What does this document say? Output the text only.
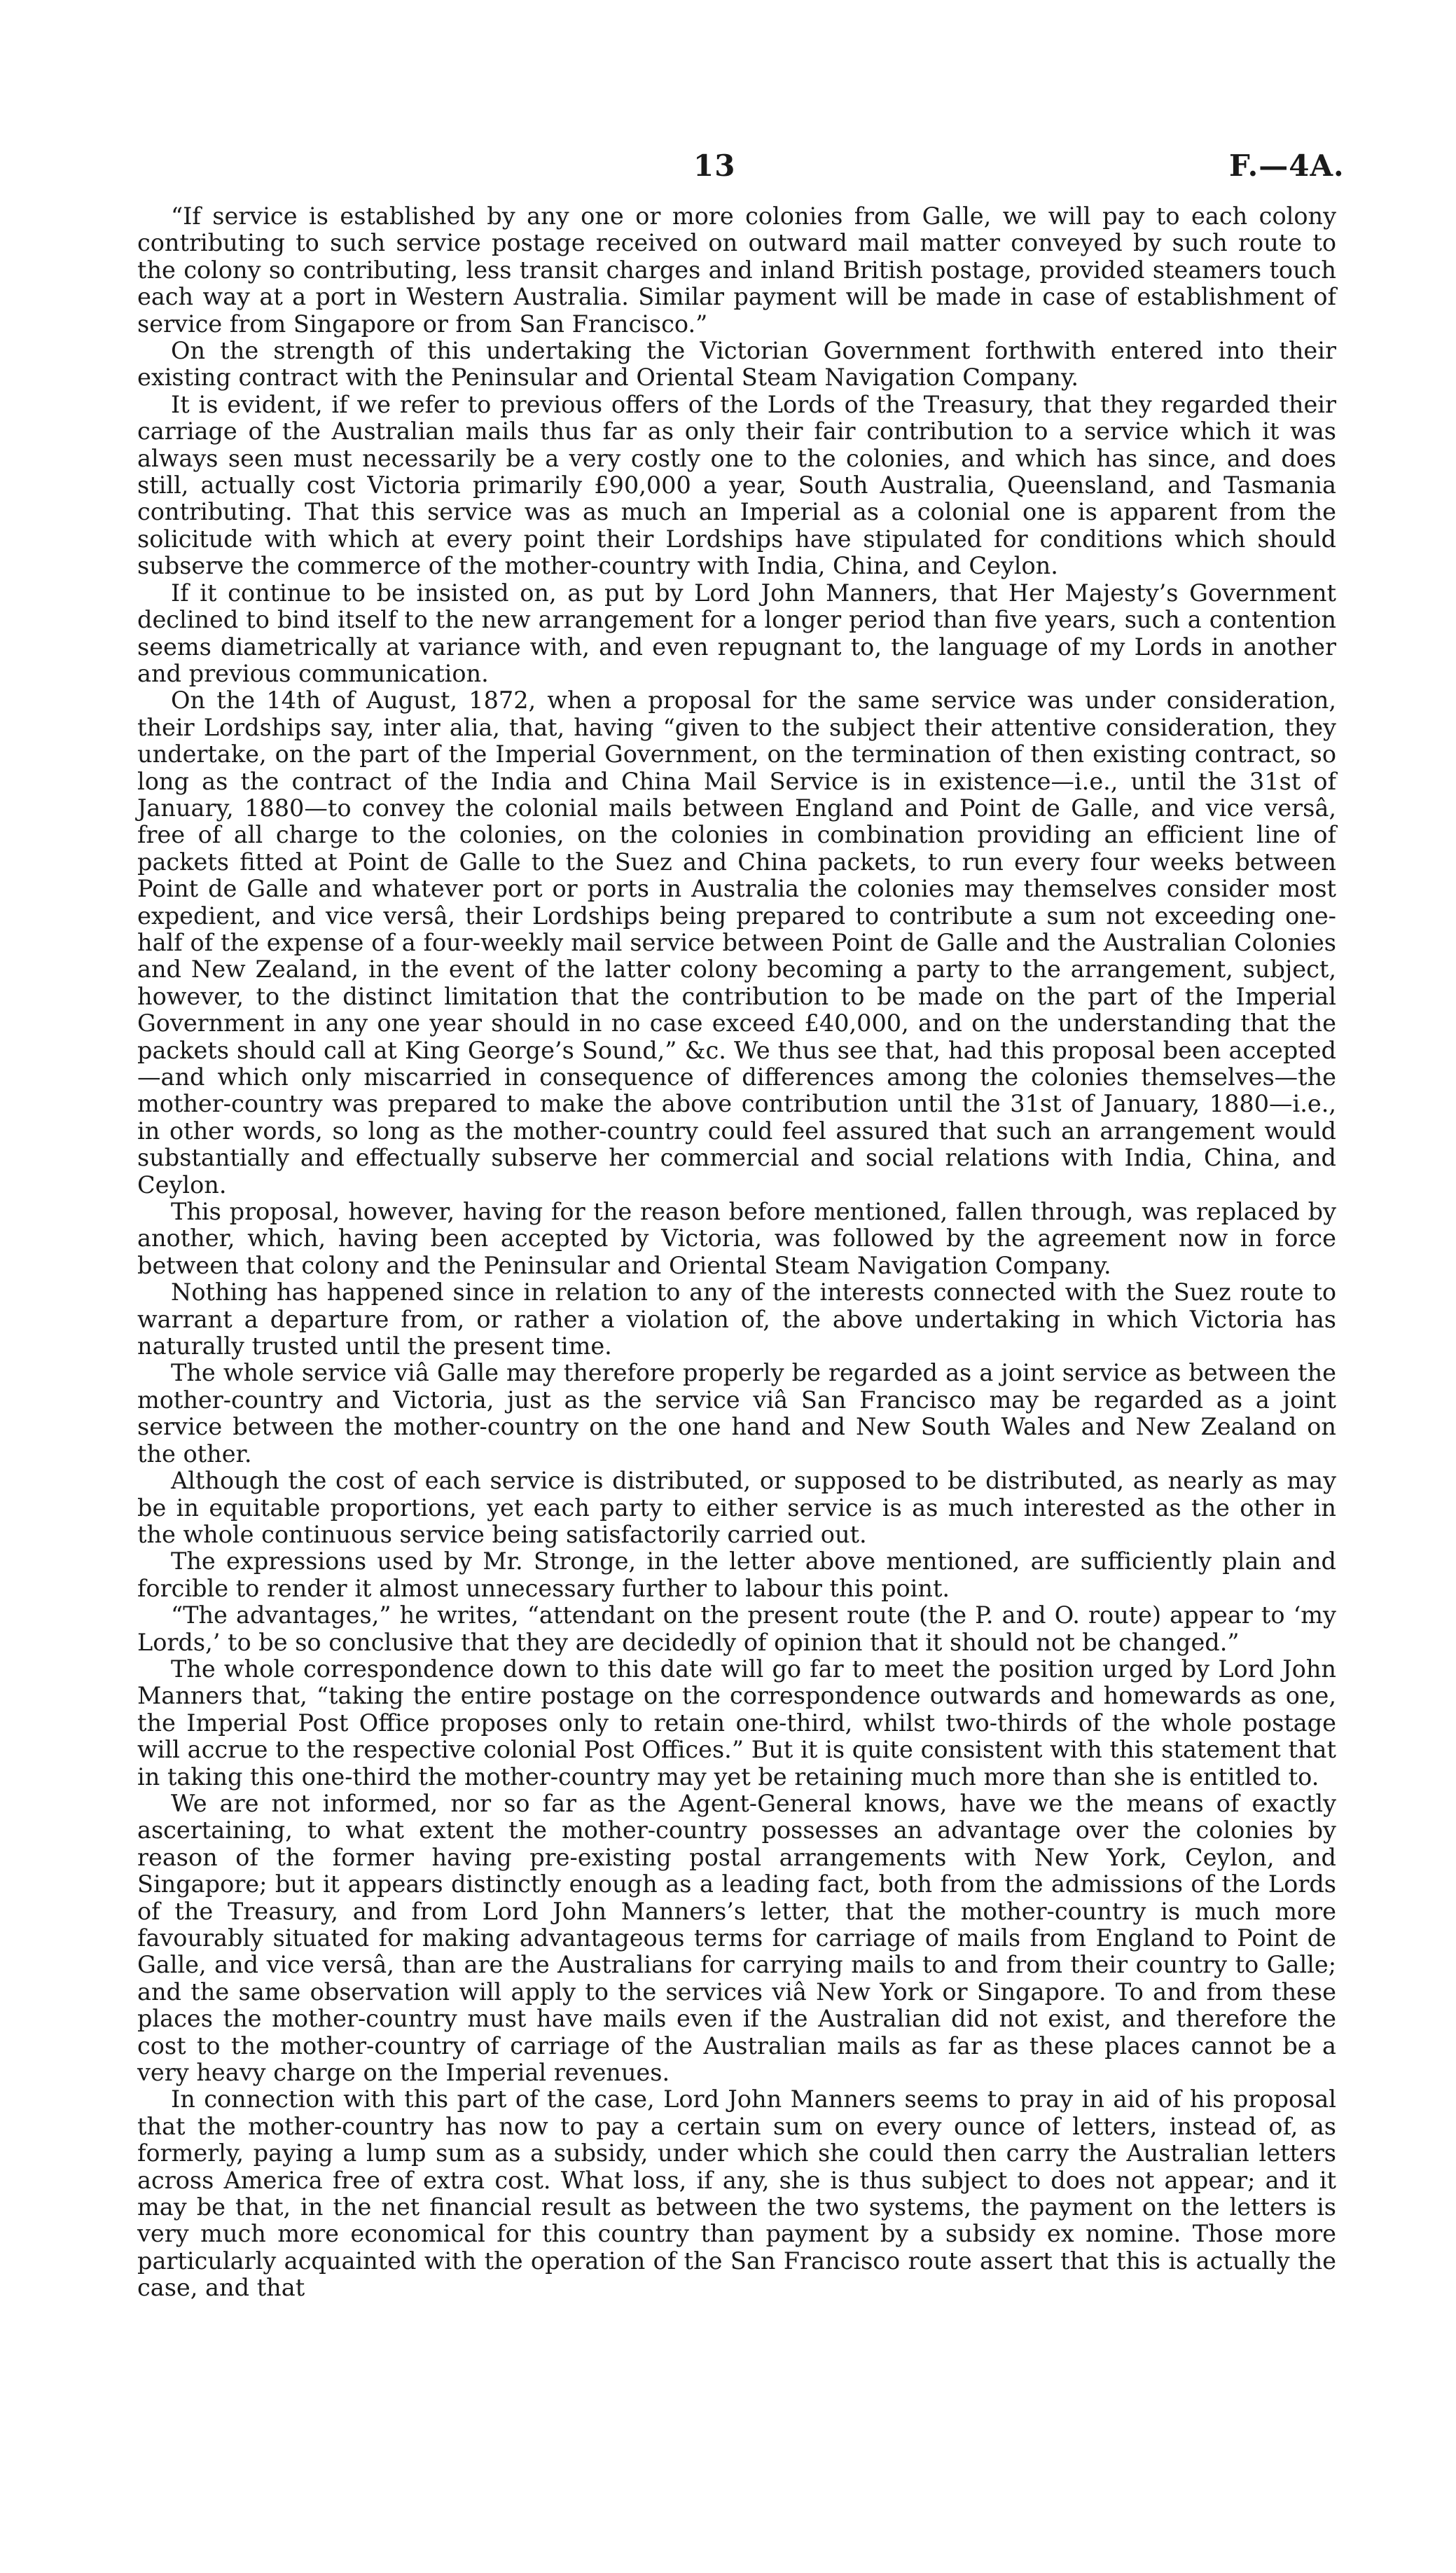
13	F.—4A.

“If service is established by any one or more colonies from Galle, we will pay to each colony contributing to such service postage received on outward mail matter conveyed by such route to the colony so contributing, less transit charges and inland British postage, provided steamers touch each way at a port in Western Australia. Similar payment will be made in case of establishment of service from Singapore or from San Francisco.”

On the strength of this undertaking the Victorian Government forthwith entered into their existing contract with the Peninsular and Oriental Steam Navigation Company.

It is evident, if we refer to previous offers of the Lords of the Treasury, that they regarded their carriage of the Australian mails thus far as only their fair contribution to a service which it was always seen must necessarily be a very costly one to the colonies, and which has since, and does still, actually cost Victoria primarily £90,000 a year, South Australia, Queensland, and Tasmania contributing. That this service was as much an Imperial as a colonial one is apparent from the solicitude with which at every point their Lordships have stipulated for conditions which should subserve the commerce of the mother-country with India, China, and Ceylon.

If it continue to be insisted on, as put by Lord John Manners, that Her Majesty’s Government declined to bind itself to the new arrangement for a longer period than five years, such a contention seems diametrically at variance with, and even repugnant to, the language of my Lords in another and previous communication.

On the 14th of August, 1872, when a proposal for the same service was under consideration, their Lordships say, inter alia, that, having “given to the subject their attentive consideration, they undertake, on the part of the Imperial Government, on the termination of then existing contract, so long as the contract of the India and China Mail Service is in existence—i.e., until the 31st of January, 1880—to convey the colonial mails between England and Point de Galle, and vice versâ, free of all charge to the colonies, on the colonies in combination providing an efficient line of packets fitted at Point de Galle to the Suez and China packets, to run every four weeks between Point de Galle and whatever port or ports in Australia the colonies may themselves consider most expedient, and vice versâ, their Lordships being prepared to contribute a sum not exceeding one-half of the expense of a four-weekly mail service between Point de Galle and the Australian Colonies and New Zealand, in the event of the latter colony becoming a party to the arrangement, subject, however, to the distinct limitation that the contribution to be made on the part of the Imperial Government in any one year should in no case exceed £40,000, and on the understanding that the packets should call at King George’s Sound,” &c. We thus see that, had this proposal been accepted—and which only miscarried in consequence of differences among the colonies themselves—the mother-country was prepared to make the above contribution until the 31st of January, 1880—i.e., in other words, so long as the mother-country could feel assured that such an arrangement would substantially and effectually subserve her commercial and social relations with India, China, and Ceylon.

This proposal, however, having for the reason before mentioned, fallen through, was replaced by another, which, having been accepted by Victoria, was followed by the agreement now in force between that colony and the Peninsular and Oriental Steam Navigation Company.

Nothing has happened since in relation to any of the interests connected with the Suez route to warrant a departure from, or rather a violation of, the above undertaking in which Victoria has naturally trusted until the present time.

The whole service viâ Galle may therefore properly be regarded as a joint service as between the mother-country and Victoria, just as the service viâ San Francisco may be regarded as a joint service between the mother-country on the one hand and New South Wales and New Zealand on the other.

Although the cost of each service is distributed, or supposed to be distributed, as nearly as may be in equitable proportions, yet each party to either service is as much interested as the other in the whole continuous service being satisfactorily carried out.

The expressions used by Mr. Stronge, in the letter above mentioned, are sufficiently plain and forcible to render it almost unnecessary further to labour this point.

“The advantages,” he writes, “attendant on the present route (the P. and O. route) appear to ‘my Lords,’ to be so conclusive that they are decidedly of opinion that it should not be changed.”

The whole correspondence down to this date will go far to meet the position urged by Lord John Manners that, “taking the entire postage on the correspondence outwards and homewards as one, the Imperial Post Office proposes only to retain one-third, whilst two-thirds of the whole postage will accrue to the respective colonial Post Offices.” But it is quite consistent with this statement that in taking this one-third the mother-country may yet be retaining much more than she is entitled to.

We are not informed, nor so far as the Agent-General knows, have we the means of exactly ascertaining, to what extent the mother-country possesses an advantage over the colonies by reason of the former having pre-existing postal arrangements with New York, Ceylon, and Singapore; but it appears distinctly enough as a leading fact, both from the admissions of the Lords of the Treasury, and from Lord John Manners’s letter, that the mother-country is much more favourably situated for making advantageous terms for carriage of mails from England to Point de Galle, and vice versâ, than are the Australians for carrying mails to and from their country to Galle; and the same observation will apply to the services viâ New York or Singapore. To and from these places the mother-country must have mails even if the Australian did not exist, and therefore the cost to the mother-country of carriage of the Australian mails as far as these places cannot be a very heavy charge on the Imperial revenues.

In connection with this part of the case, Lord John Manners seems to pray in aid of his proposal that the mother-country has now to pay a certain sum on every ounce of letters, instead of, as formerly, paying a lump sum as a subsidy, under which she could then carry the Australian letters across America free of extra cost. What loss, if any, she is thus subject to does not appear; and it may be that, in the net financial result as between the two systems, the payment on the letters is very much more economical for this country than payment by a subsidy ex nomine. Those more particularly acquainted with the operation of the San Francisco route assert that this is actually the case, and that
